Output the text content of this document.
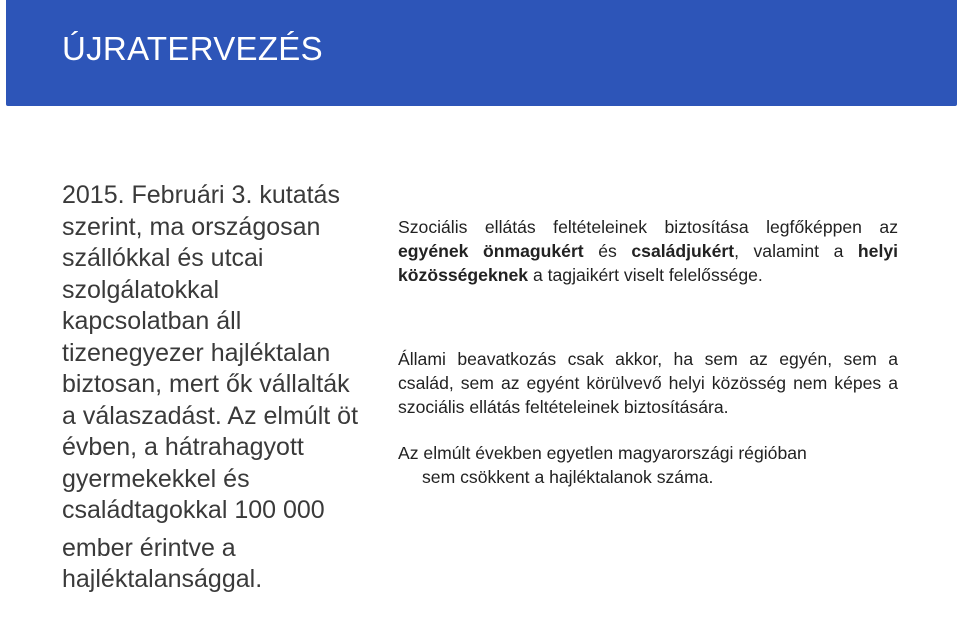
ÚJRATERVEZÉS

2015. Februári 3. kutatás szerint, ma országosan szállókkal és utcai szolgálatokkal kapcsolatban áll tizenegyezer hajléktalan biztosan, mert ők vállalták a válaszadást. Az elmúlt öt évben, a hátrahagyott gyermekekkel és családtagokkal 100 000

ember érintve a hajléktalansággal.

Szociális ellátás feltételeinek biztosítása legfőképpen az egyének önmagukért és családjukért, valamint a helyi közösségeknek a tagjaikért viselt felelőssége.

Állami beavatkozás csak akkor, ha sem az egyén, sem a család, sem az egyént körülvevő helyi közösség nem képes a szociális ellátás feltételeinek biztosítására.

Az elmúlt években egyetlen magyarországi régióban
sem csökkent a hajléktalanok száma.
